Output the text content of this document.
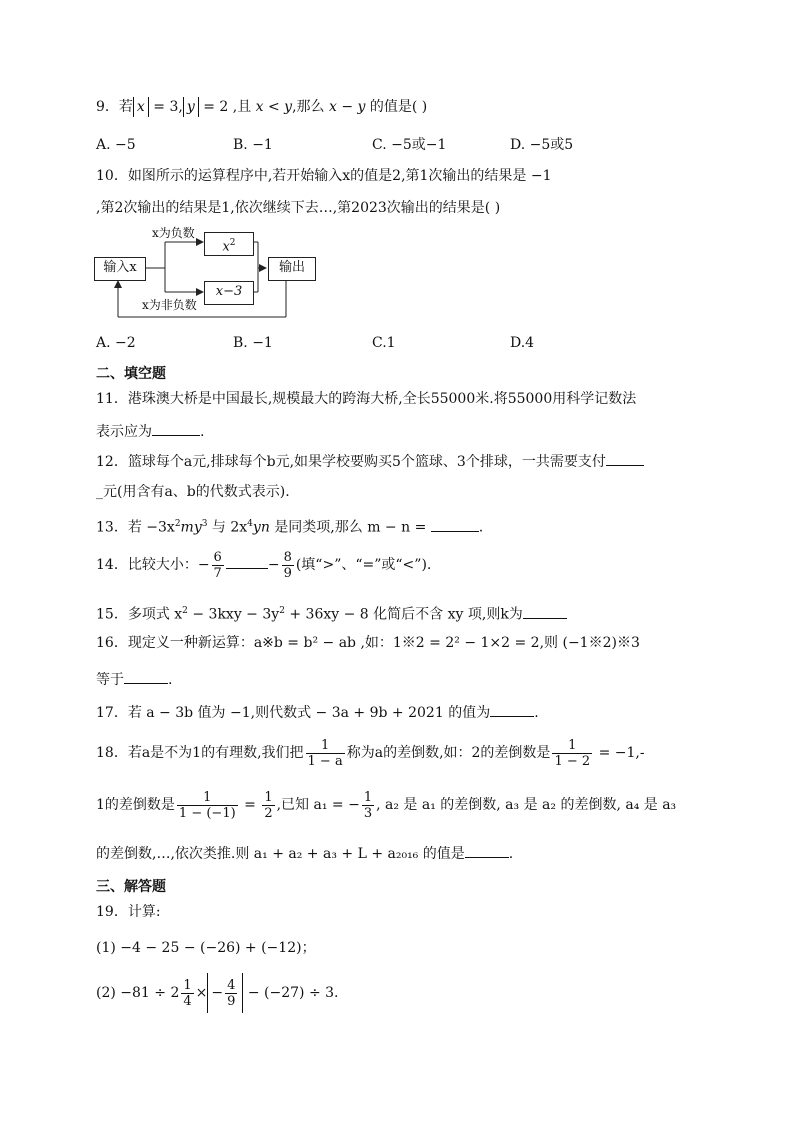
9．若 x = 3, y = 2 ,且 x < y,那么 x − y 的值是( )
A. −5	B. −1	C. −5或−1	D. −5或5
10．如图所示的运算程序中,若开始输入x的值是2,第1次输出的结果是 −1
,第2次输出的结果是1,依次继续下去…,第2023次输出的结果是( )
输入x
x为负数
$x^2$
x−3
输出
x为非负数
A. −2	B. −1	C.1	D.4
二、填空题
11．港珠澳大桥是中国最长,规模最大的跨海大桥,全长55000米.将55000用科学记数法
表示应为	.
12．篮球每个a元,排球每个b元,如果学校要购买5个篮球、3个排球，一共需要支付
_元(用含有a、b的代数式表示).
13．若 $-3x^2my^3$ 与 $2x^4yn$ 是同类项,那么 m − n =	.
14．比较大小：− $\frac{6}{7}$	− $\frac{8}{9}$ (填“>”、“=”或“<”).
15．多项式 $x^2 - 3kxy - 3y^2 + 36xy - 8$ 化简后不含 xy 项,则k为
16．现定义一种新运算：a※b = b² − ab ,如：1※2 = 2² − 1×2 = 2,则 (−1※2)※3
等于	.
17．若 a − 3b 值为 −1,则代数式 − 3a + 9b + 2021 的值为	.
18．若a是不为1的有理数,我们把 $\frac{1}{1 - a}$ 称为a的差倒数,如：2的差倒数是 $\frac{1}{1 - 2} = -1,-$
1的差倒数是 $\frac{1}{1 - (-1)} = \frac{1}{2}$ ,已知 a₁ = − $\frac{1}{3}$ , a₂ 是 a₁ 的差倒数, a₃ 是 a₂ 的差倒数, a₄ 是 a₃
的差倒数,…,依次类推.则 a₁ + a₂ + a₃ + L + a₂₀₁₆ 的值是	.
三、解答题
19．计算:
(1) −4 − 25 − (−26) + (−12)；
$(2) -81 \div 2 \frac{1}{4}$ × − $\frac{4}{9} - (-27) \div 3$.
